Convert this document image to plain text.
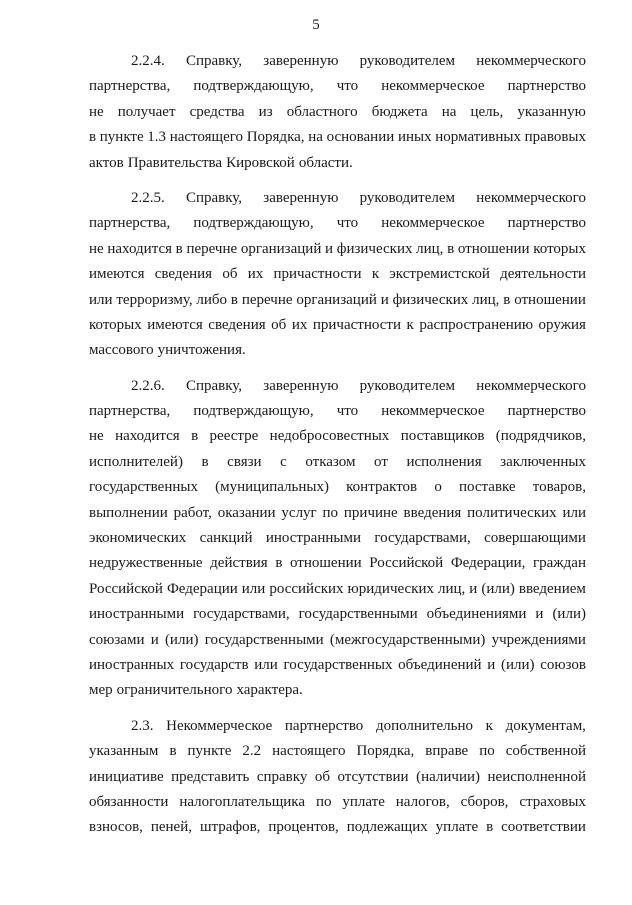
5
2.2.4. Справку, заверенную руководителем некоммерческого
партнерства, подтверждающую, что некоммерческое партнерство
не получает средства из областного бюджета на цель, указанную
в пункте 1.3 настоящего Порядка, на основании иных нормативных правовых
актов Правительства Кировской области.
2.2.5. Справку, заверенную руководителем некоммерческого
партнерства, подтверждающую, что некоммерческое партнерство
не находится в перечне организаций и физических лиц, в отношении которых
имеются сведения об их причастности к экстремистской деятельности
или терроризму, либо в перечне организаций и физических лиц, в отношении
которых имеются сведения об их причастности к распространению оружия
массового уничтожения.
2.2.6. Справку, заверенную руководителем некоммерческого
партнерства, подтверждающую, что некоммерческое партнерство
не находится в реестре недобросовестных поставщиков (подрядчиков,
исполнителей) в связи с отказом от исполнения заключенных
государственных (муниципальных) контрактов о поставке товаров,
выполнении работ, оказании услуг по причине введения политических или
экономических санкций иностранными государствами, совершающими
недружественные действия в отношении Российской Федерации, граждан
Российской Федерации или российских юридических лиц, и (или) введением
иностранными государствами, государственными объединениями и (или)
союзами и (или) государственными (межгосударственными) учреждениями
иностранных государств или государственных объединений и (или) союзов
мер ограничительного характера.
2.3. Некоммерческое партнерство дополнительно к документам,
указанным в пункте 2.2 настоящего Порядка, вправе по собственной
инициативе представить справку об отсутствии (наличии) неисполненной
обязанности налогоплательщика по уплате налогов, сборов, страховых
взносов, пеней, штрафов, процентов, подлежащих уплате в соответствии
